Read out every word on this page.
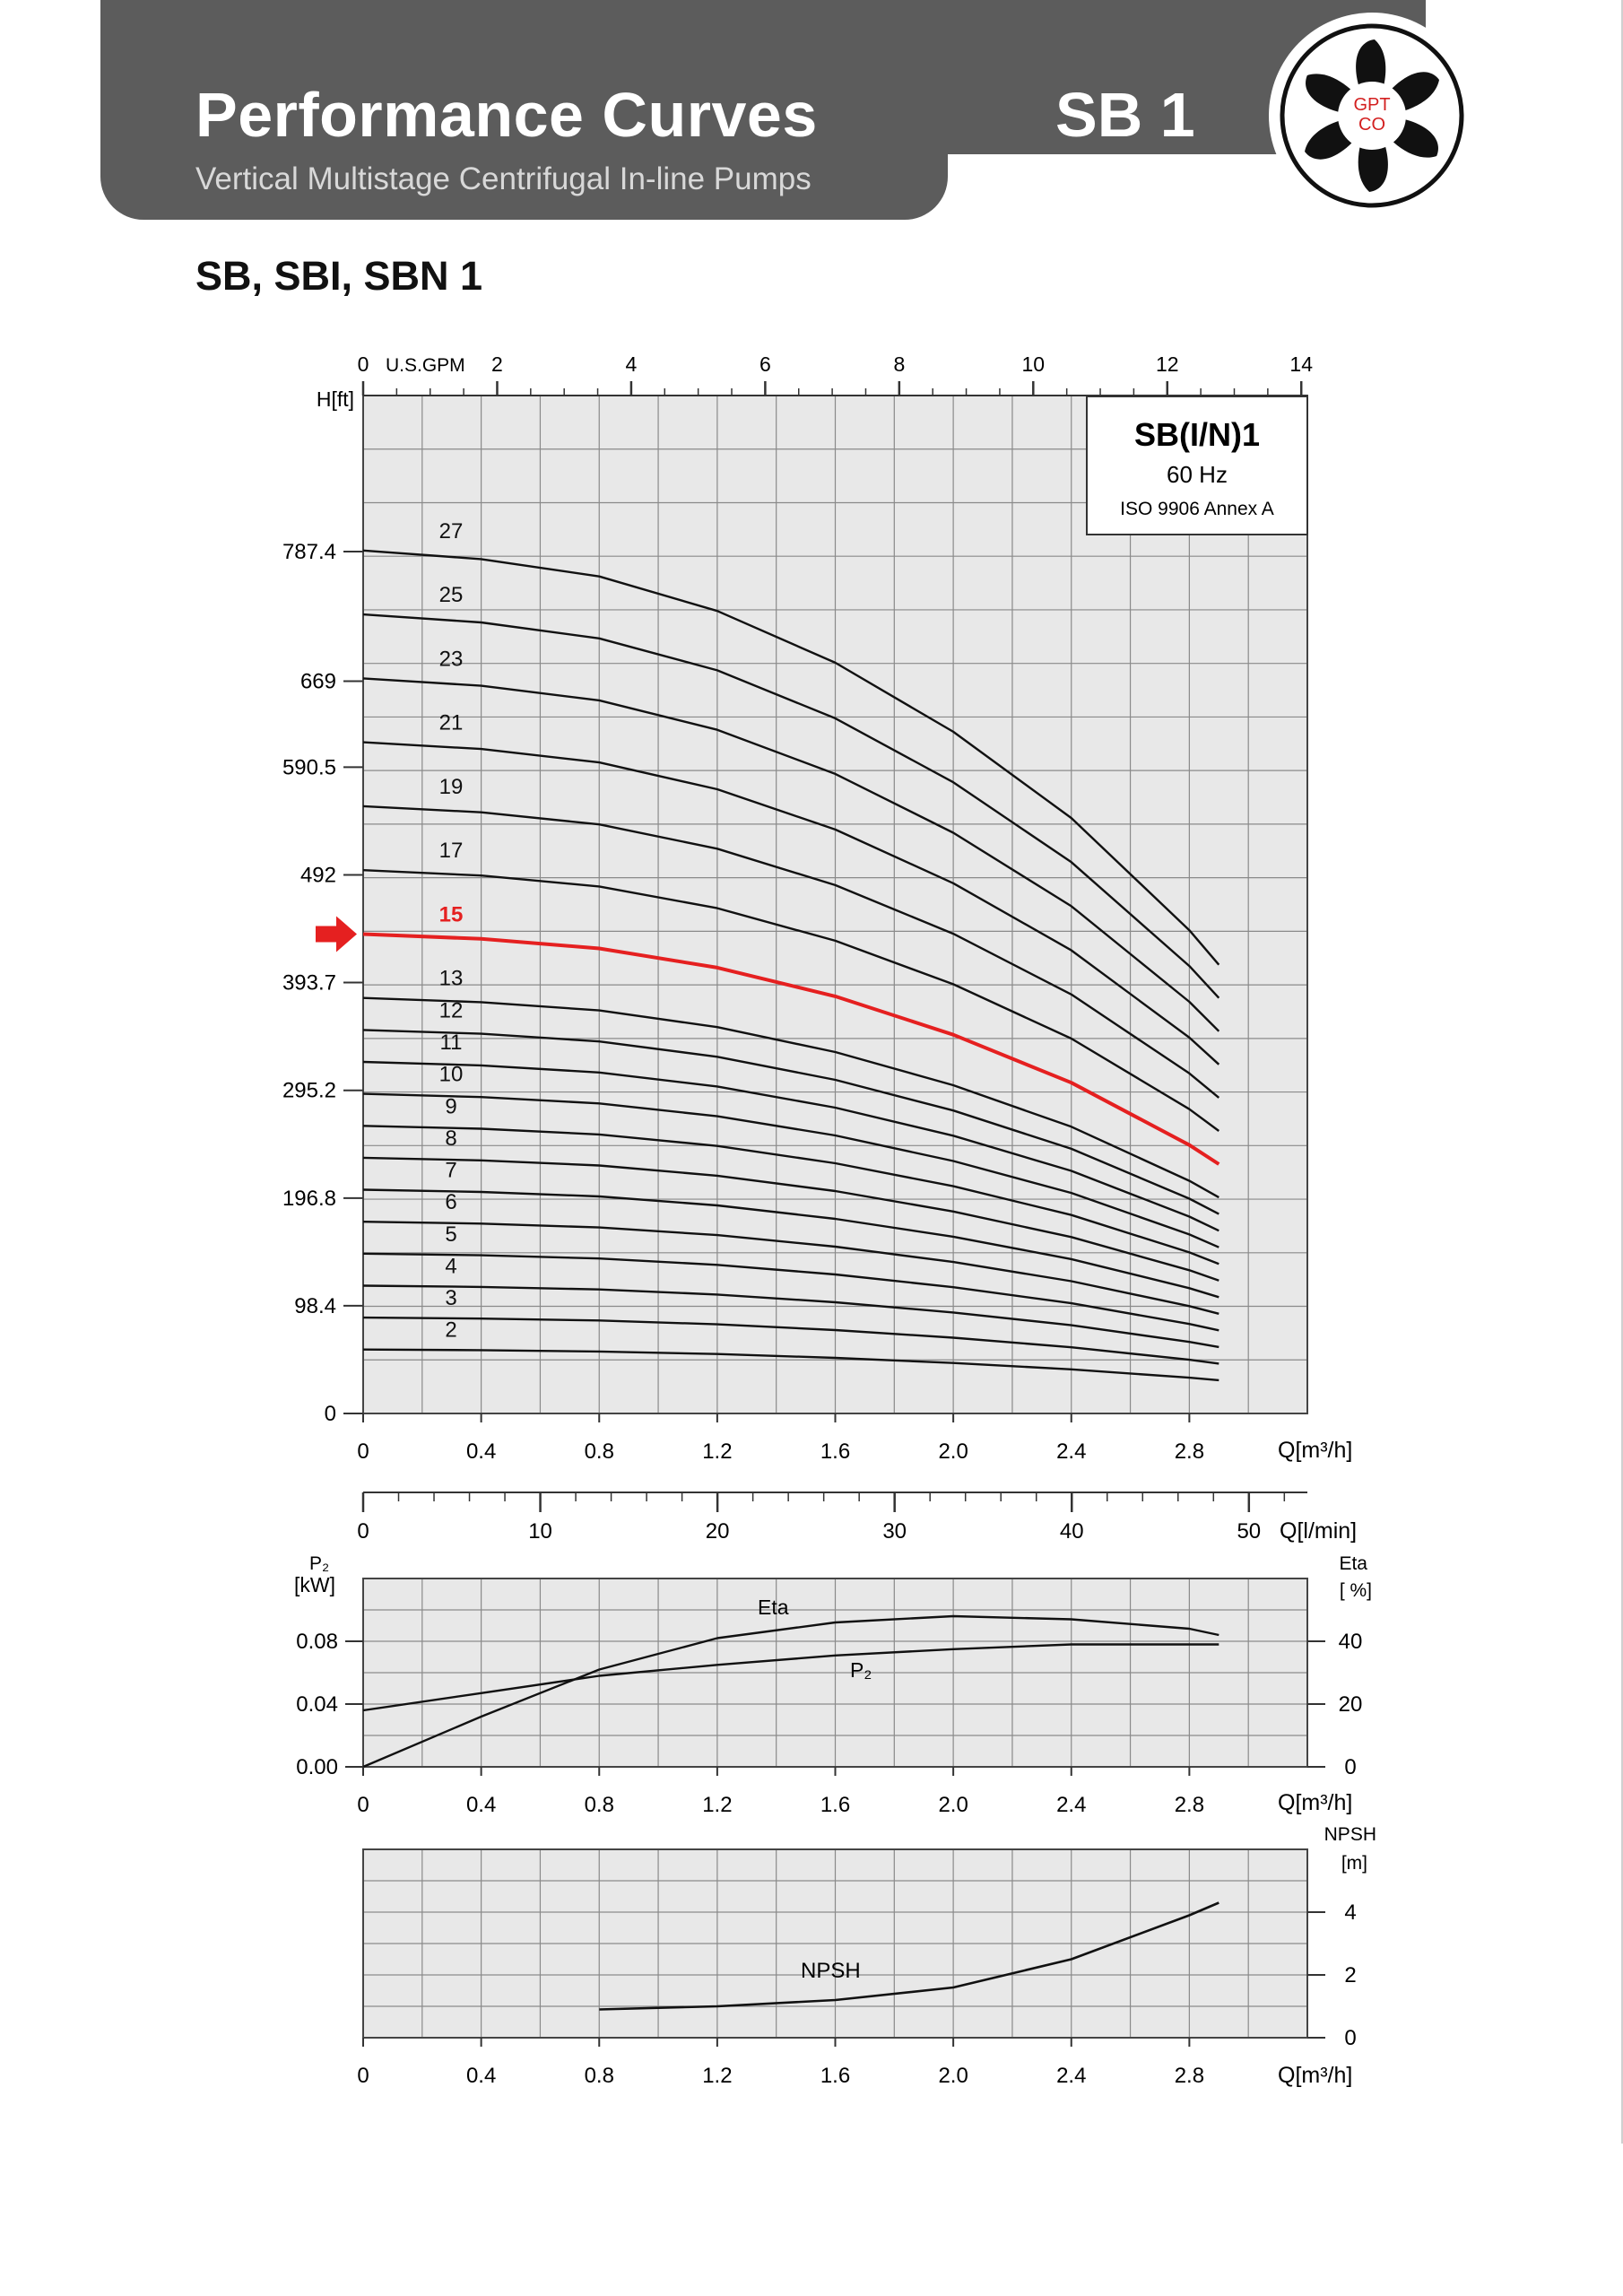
Performance Curves
Vertical Multistage Centrifugal In-line Pumps
SB 1	GPT
CO
SB, SBI, SBN 1
2
3
4
5
6
7
8
9
10
11
12
13
15
17
19
21
23
25
27
0	0.4	0.8	1.2	1.6	2.0	2.4	2.8
0
98.4
196.8
295.2
393.7
492
590.5
669
787.4
0	2	4	6	8	10	12	14
H[ft]
Q[m³/h]
U.S.GPM
SB(I/N)1
60 Hz
ISO 9906 Annex A
0	10	20	30	40	50 Q[l/min]
0	0.4	0.8	1.2	1.6	2.0	2.4	2.8
0.00
0.04
0.08
0
20
40
P₂
[kW]
Eta
[ %]
Q[m³/h]
Eta
P₂
0	0.4	0.8	1.2	1.6	2.0	2.4	2.8
0
2
4
NPSH
[m]
Q[m³/h]
NPSH
